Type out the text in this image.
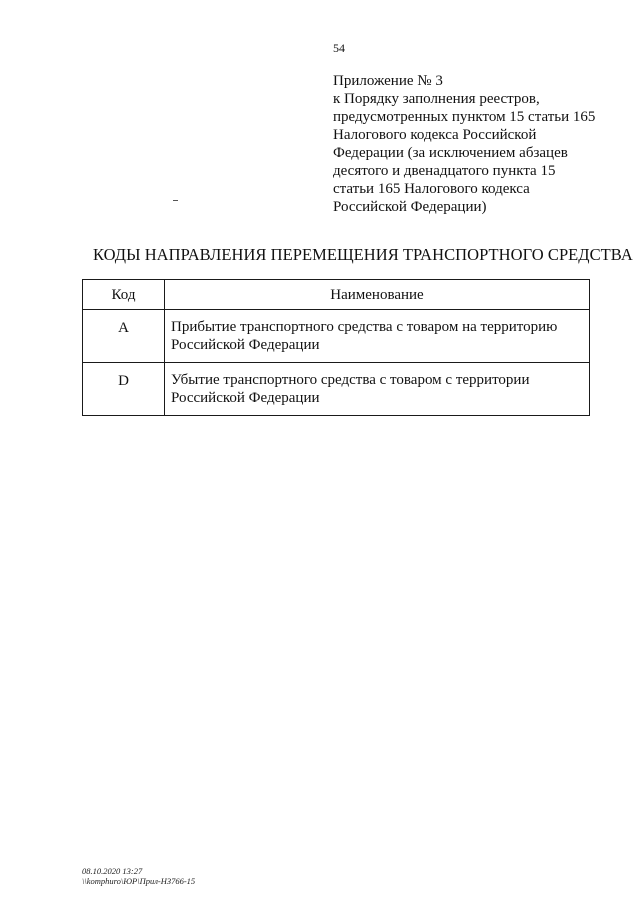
54
Приложение № 3
к Порядку заполнения реестров,
предусмотренных пунктом 15 статьи 165
Налогового кодекса Российской
Федерации (за исключением абзацев
десятого и двенадцатого пункта 15
статьи 165 Налогового кодекса
Российской Федерации)
КОДЫ НАПРАВЛЕНИЯ ПЕРЕМЕЩЕНИЯ ТРАНСПОРТНОГО СРЕДСТВА
Код	Наименование
A	Прибытие транспортного средства с товаром на территорию
Российской Федерации

D	Убытие транспортного средства с товаром с территории
Российской Федерации
08.10.2020 13:27
\\komphuro\ЮР\Прил-НЗ766-15
